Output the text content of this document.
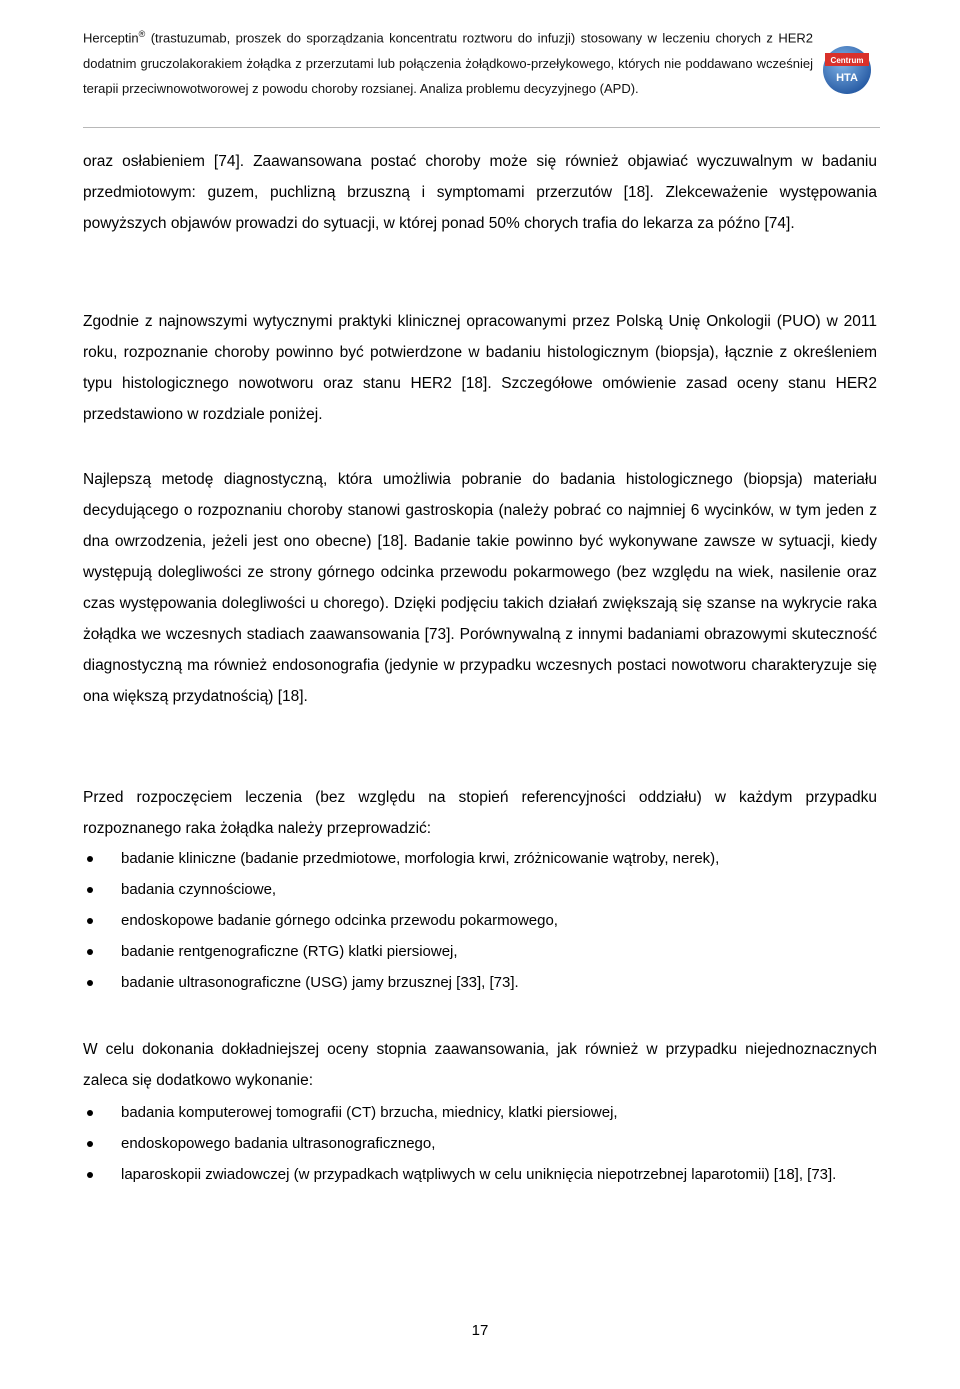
Herceptin® (trastuzumab, proszek do sporządzania koncentratu roztworu do infuzji) stosowany w leczeniu chorych z HER2 dodatnim gruczolakorakiem żołądka z przerzutami lub połączenia żołądkowo-przełykowego, których nie poddawano wcześniej terapii przeciwnowotworowej z powodu choroby rozsianej. Analiza problemu decyzyjnego (APD).
Centrum
HTA

oraz osłabieniem [74]. Zaawansowana postać choroby może się również objawiać wyczuwalnym w badaniu przedmiotowym: guzem, puchlizną brzuszną i symptomami przerzutów [18]. Zlekceważenie występowania powyższych objawów prowadzi do sytuacji, w której ponad 50% chorych trafia do lekarza za późno [74].

Zgodnie z najnowszymi wytycznymi praktyki klinicznej opracowanymi przez Polską Unię Onkologii (PUO) w 2011 roku, rozpoznanie choroby powinno być potwierdzone w badaniu histologicznym (biopsja), łącznie z określeniem typu histologicznego nowotworu oraz stanu HER2 [18]. Szczegółowe omówienie zasad oceny stanu HER2 przedstawiono w rozdziale poniżej.

Najlepszą metodę diagnostyczną, która umożliwia pobranie do badania histologicznego (biopsja) materiału decydującego o rozpoznaniu choroby stanowi gastroskopia (należy pobrać co najmniej 6 wycinków, w tym jeden z dna owrzodzenia, jeżeli jest ono obecne) [18]. Badanie takie powinno być wykonywane zawsze w sytuacji, kiedy występują dolegliwości ze strony górnego odcinka przewodu pokarmowego (bez względu na wiek, nasilenie oraz czas występowania dolegliwości u chorego). Dzięki podjęciu takich działań zwiększają się szanse na wykrycie raka żołądka we wczesnych stadiach zaawansowania [73]. Porównywalną z innymi badaniami obrazowymi skuteczność diagnostyczną ma również endosonografia (jedynie w przypadku wczesnych postaci nowotworu charakteryzuje się ona większą przydatnością) [18].

Przed rozpoczęciem leczenia (bez względu na stopień referencyjności oddziału) w każdym przypadku rozpoznanego raka żołądka należy przeprowadzić:

badanie kliniczne (badanie przedmiotowe, morfologia krwi, zróżnicowanie wątroby, nerek),
badania czynnościowe,
endoskopowe badanie górnego odcinka przewodu pokarmowego,
badanie rentgenograficzne (RTG) klatki piersiowej,
badanie ultrasonograficzne (USG) jamy brzusznej [33], [73].

W celu dokonania dokładniejszej oceny stopnia zaawansowania, jak również w przypadku niejednoznacznych zaleca się dodatkowo wykonanie:

badania komputerowej tomografii (CT) brzucha, miednicy, klatki piersiowej,
endoskopowego badania ultrasonograficznego,
laparoskopii zwiadowczej (w przypadkach wątpliwych w celu uniknięcia niepotrzebnej laparotomii) [18], [73].
17
